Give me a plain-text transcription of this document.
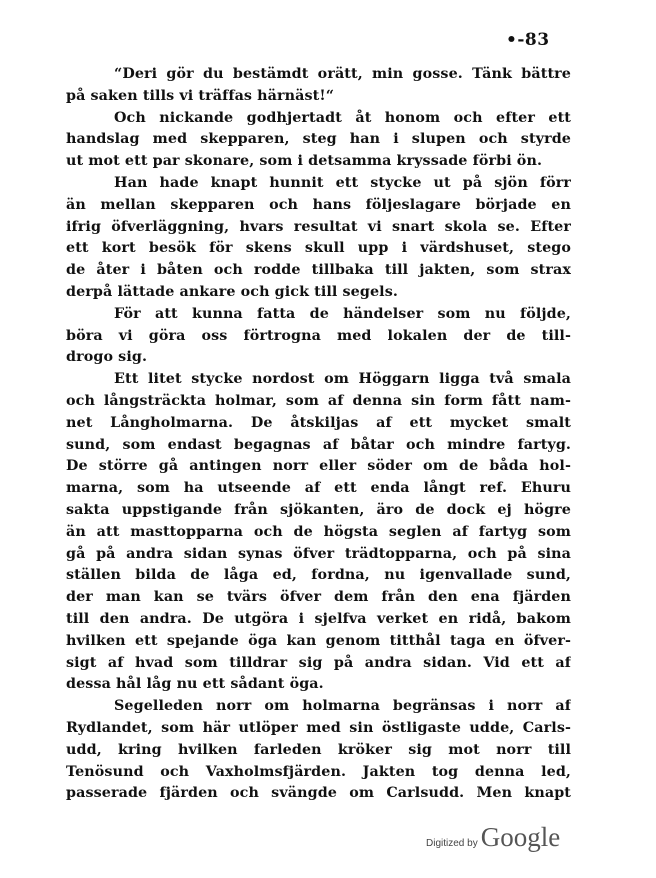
•-83
“Deri gör du bestämdt orätt, min gosse. Tänk bättre
på saken tills vi träffas härnäst!“
Och nickande godhjertadt åt honom och efter ett
handslag med skepparen, steg han i slupen och styrde
ut mot ett par skonare, som i detsamma kryssade förbi ön.
Han hade knapt hunnit ett stycke ut på sjön förr
än mellan skepparen och hans följeslagare började en
ifrig öfverläggning, hvars resultat vi snart skola se. Efter
ett kort besök för skens skull upp i värdshuset, stego
de åter i båten och rodde tillbaka till jakten, som strax
derpå lättade ankare och gick till segels.
För att kunna fatta de händelser som nu följde,
böra vi göra oss förtrogna med lokalen der de till-
drogo sig.
Ett litet stycke nordost om Höggarn ligga två smala
och långsträckta holmar, som af denna sin form fått nam-
net Långholmarna. De åtskiljas af ett mycket smalt
sund, som endast begagnas af båtar och mindre fartyg.
De större gå antingen norr eller söder om de båda hol-
marna, som ha utseende af ett enda långt ref. Ehuru
sakta uppstigande från sjökanten, äro de dock ej högre
än att masttopparna och de högsta seglen af fartyg som
gå på andra sidan synas öfver trädtopparna, och på sina
ställen bilda de låga ed, fordna, nu igenvallade sund,
der man kan se tvärs öfver dem från den ena fjärden
till den andra. De utgöra i sjelfva verket en ridå, bakom
hvilken ett spejande öga kan genom titthål taga en öfver-
sigt af hvad som tilldrar sig på andra sidan. Vid ett af
dessa hål låg nu ett sådant öga.
Segelleden norr om holmarna begränsas i norr af
Rydlandet, som här utlöper med sin östligaste udde, Carls-
udd, kring hvilken farleden kröker sig mot norr till
Tenösund och Vaxholmsfjärden. Jakten tog denna led,
passerade fjärden och svängde om Carlsudd. Men knapt
Digitized by Google
